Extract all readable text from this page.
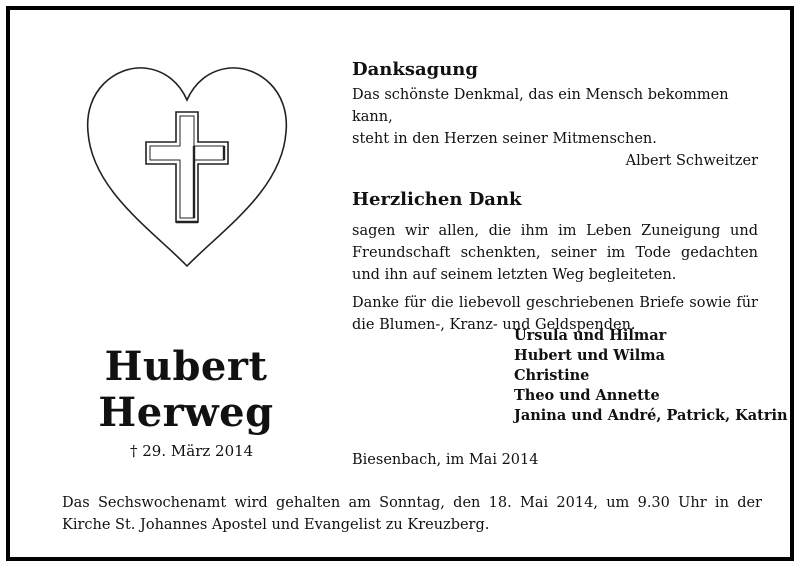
Hubert
Herweg
† 29. März 2014
Danksagung

Das schönste Denkmal, das ein Mensch bekommen kann,

steht in den Herzen seiner Mitmenschen.

Albert Schweitzer

Herzlichen Dank

sagen wir allen, die ihm im Leben Zuneigung und Freundschaft schenkten, seiner im Tode gedachten und ihn auf seinem letzten Weg begleiteten.

Danke für die liebevoll geschriebenen Briefe sowie für die Blumen-, Kranz- und Geldspenden.

Ursula und Hilmar
Hubert und Wilma
Christine
Theo und Annette
Janina und André, Patrick, Katrin
Biesenbach, im Mai 2014
Das Sechswochenamt wird gehalten am Sonntag, den 18. Mai 2014, um 9.30 Uhr in der Kirche St. Johannes Apostel und Evangelist zu Kreuzberg.
